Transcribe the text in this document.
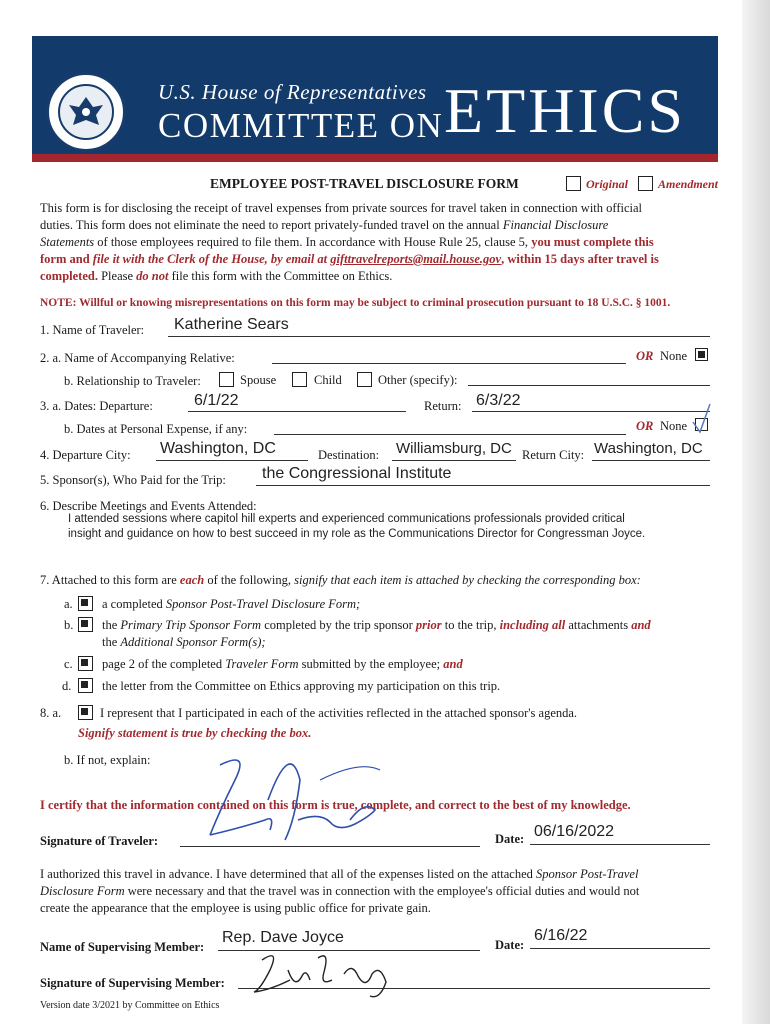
U.S. House of Representatives
COMMITTEE ON ETHICS
EMPLOYEE POST-TRAVEL DISCLOSURE FORM	Original Amendment
This form is for disclosing the receipt of travel expenses from private sources for travel taken in connection with official
duties. This form does not eliminate the need to report privately-funded travel on the annual Financial Disclosure
Statements of those employees required to file them. In accordance with House Rule 25, clause 5, you must complete this
form and file it with the Clerk of the House, by email at gifttravelreports@mail.house.gov, within 15 days after travel is
completed. Please do not file this form with the Committee on Ethics.
NOTE: Willful or knowing misrepresentations on this form may be subject to criminal prosecution pursuant to 18 U.S.C. § 1001.
1. Name of Traveler: Katherine Sears
2. a. Name of Accompanying Relative:	OR None
b. Relationship to Traveler:	Spouse	Child	Other (specify):
3. a. Dates: Departure:	6/1/22	Return: 6/3/22
b. Dates at Personal Expense, if any:	OR None
4. Departure City: Washington, DC	Destination: Williamsburg, DC Return City: Washington, DC
5. Sponsor(s), Who Paid for the Trip: the Congressional Institute
6. Describe Meetings and Events Attended:
I attended sessions where capitol hill experts and experienced communications professionals provided critical
insight and guidance on how to best succeed in my role as the Communications Director for Congressman Joyce.
7. Attached to this form are each of the following, signify that each item is attached by checking the corresponding box:
a. a completed Sponsor Post-Travel Disclosure Form;
b. the Primary Trip Sponsor Form completed by the trip sponsor prior to the trip, including all attachments and
the Additional Sponsor Form(s);
c. page 2 of the completed Traveler Form submitted by the employee; and
d. the letter from the Committee on Ethics approving my participation on this trip.
8. a.	I represent that I participated in each of the activities reflected in the attached sponsor's agenda.
Signify statement is true by checking the box.
b. If not, explain:
I certify that the information contained on this form is true, complete, and correct to the best of my knowledge.
Signature of Traveler:	Date: 06/16/2022
I authorized this travel in advance. I have determined that all of the expenses listed on the attached Sponsor Post-Travel
Disclosure Form were necessary and that the travel was in connection with the employee's official duties and would not
create the appearance that the employee is using public office for private gain.
Name of Supervising Member:
Rep. Dave Joyce	Date:
6/16/22
Signature of Supervising Member:
Version date 3/2021 by Committee on Ethics
